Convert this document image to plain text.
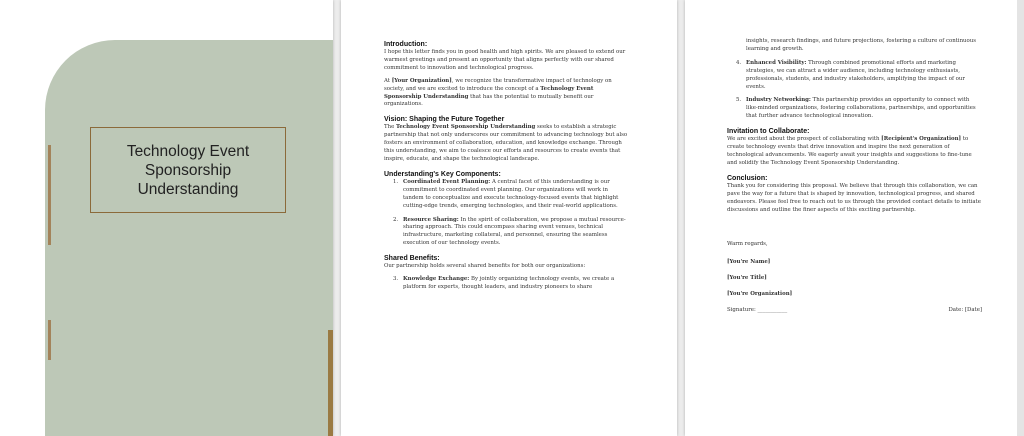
Technology Event Sponsorship Understanding
Introduction:
I hope this letter finds you in good health and high spirits. We are pleased to extend our warmest greetings and present an opportunity that aligns perfectly with our shared commitment to innovation and technological progress.
At [Your Organization], we recognize the transformative impact of technology on society, and we are excited to introduce the concept of a Technology Event Sponsorship Understanding that has the potential to mutually benefit our organizations.
Vision: Shaping the Future Together
The Technology Event Sponsorship Understanding seeks to establish a strategic partnership that not only underscores our commitment to advancing technology but also fosters an environment of collaboration, education, and knowledge exchange. Through this understanding, we aim to coalesce our efforts and resources to create events that inspire, educate, and shape the technological landscape.
Understanding's Key Components:
1. Coordinated Event Planning: A central facet of this understanding is our commitment to coordinated event planning. Our organizations will work in tandem to conceptualize and execute technology-focused events that highlight cutting-edge trends, emerging technologies, and their real-world applications.
2. Resource Sharing: In the spirit of collaboration, we propose a mutual resource-sharing approach. This could encompass sharing event venues, technical infrastructure, marketing collateral, and personnel, ensuring the seamless execution of our technology events.
Shared Benefits:
Our partnership holds several shared benefits for both our organizations:
3. Knowledge Exchange: By jointly organizing technology events, we create a platform for experts, thought leaders, and industry pioneers to share
insights, research findings, and future projections, fostering a culture of continuous learning and growth.
4. Enhanced Visibility: Through combined promotional efforts and marketing strategies, we can attract a wider audience, including technology enthusiasts, professionals, students, and industry stakeholders, amplifying the impact of our events.
5. Industry Networking: This partnership provides an opportunity to connect with like-minded organizations, fostering collaborations, partnerships, and opportunities that further advance technological innovation.
Invitation to Collaborate:
We are excited about the prospect of collaborating with [Recipient's Organization] to create technology events that drive innovation and inspire the next generation of technological advancements. We eagerly await your insights and suggestions to fine-tune and solidify the Technology Event Sponsorship Understanding.
Conclusion:
Thank you for considering this proposal. We believe that through this collaboration, we can pave the way for a future that is shaped by innovation, technological progress, and shared endeavors. Please feel free to reach out to us through the provided contact details to initiate discussions and outline the finer aspects of this exciting partnership.
Warm regards,
[You're Name]
[You're Title]
[You're Organization]
Signature: ___________	Date: [Date]
